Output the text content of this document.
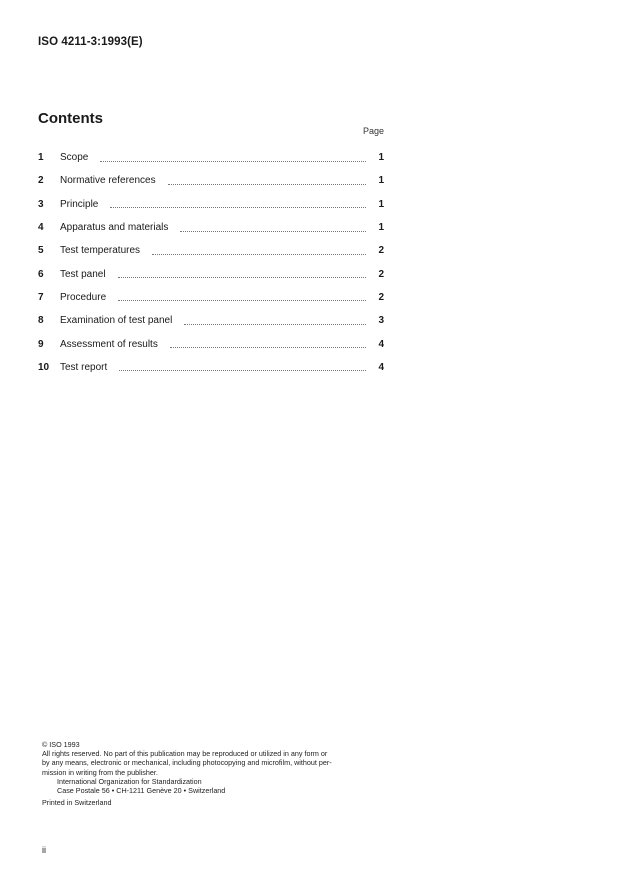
ISO 4211-3:1993(E)
Contents
Page
1	Scope	1
2	Normative references	1
3	Principle	1
4	Apparatus and materials	1
5	Test temperatures	2
6	Test panel	2
7	Procedure	2
8	Examination of test panel	3
9	Assessment of results	4
10	Test report	4
© ISO 1993
All rights reserved. No part of this publication may be reproduced or utilized in any form or
by any means, electronic or mechanical, including photocopying and microfilm, without per-
mission in writing from the publisher.
International Organization for Standardization
Case Postale 56 • CH-1211 Genève 20 • Switzerland
Printed in Switzerland
ii
